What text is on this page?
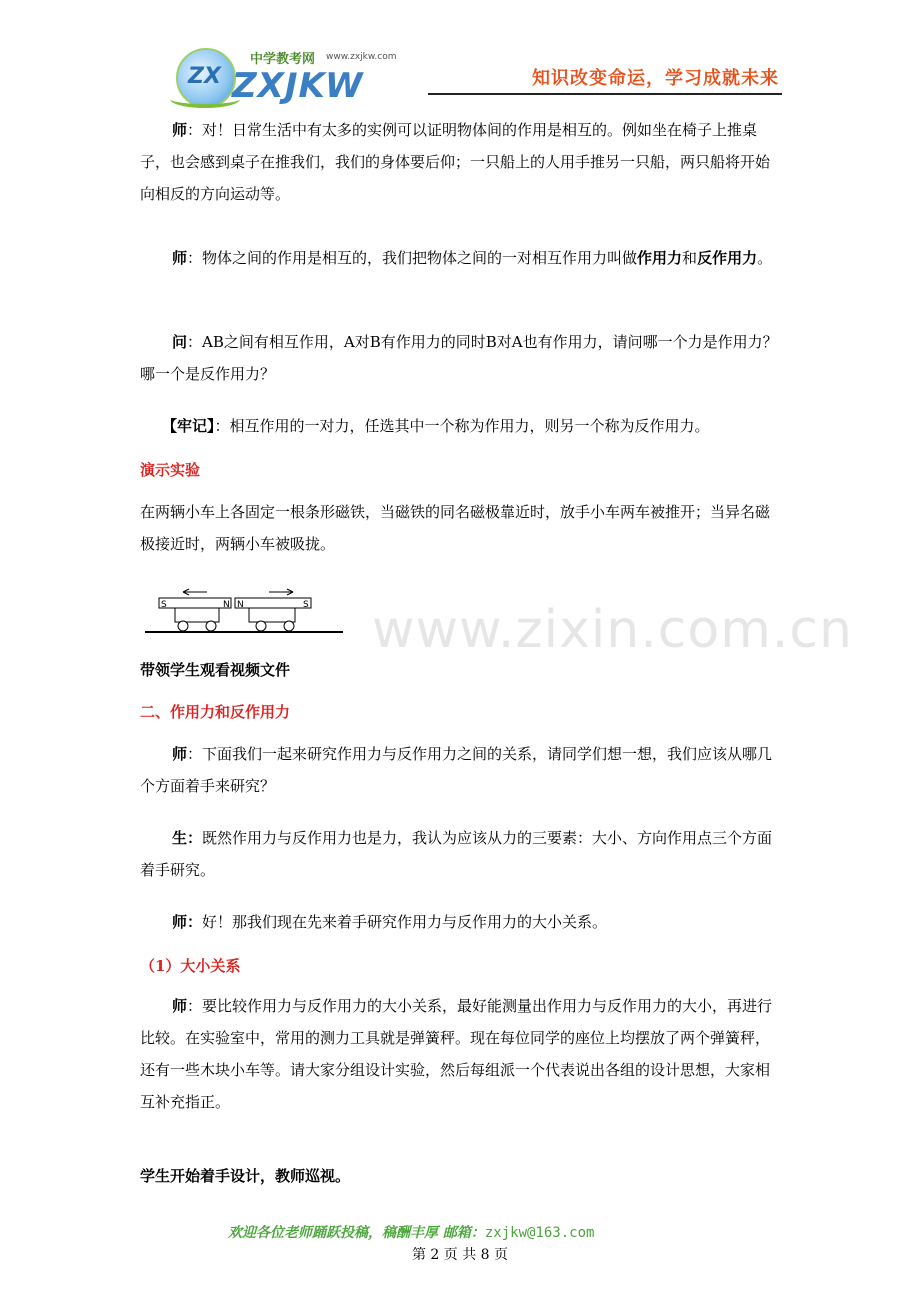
ZX
中学教考网 www.zxjkw.com
ZXJKW	知识改变命运，学习成就未来
师：对！日常生活中有太多的实例可以证明物体间的作用是相互的。例如坐在椅子上推桌子，也会感到桌子在推我们，我们的身体要后仰；一只船上的人用手推另一只船，两只船将开始向相反的方向运动等。
师：物体之间的作用是相互的，我们把物体之间的一对相互作用力叫做作用力和反作用力。
问：AB之间有相互作用，A对B有作用力的同时B对A也有作用力，请问哪一个力是作用力？哪一个是反作用力？
【牢记】：相互作用的一对力，任选其中一个称为作用力，则另一个称为反作用力。
演示实验
在两辆小车上各固定一根条形磁铁，当磁铁的同名磁极靠近时，放手小车两车被推开；当异名磁极接近时，两辆小车被吸拢。
S	N N	S www.zixin.com.cn
带领学生观看视频文件
二、作用力和反作用力
师：下面我们一起来研究作用力与反作用力之间的关系，请同学们想一想，我们应该从哪几个方面着手来研究？
生：既然作用力与反作用力也是力，我认为应该从力的三要素：大小、方向作用点三个方面着手研究。
师：好！那我们现在先来着手研究作用力与反作用力的大小关系。
（1）大小关系
师：要比较作用力与反作用力的大小关系，最好能测量出作用力与反作用力的大小，再进行比较。在实验室中，常用的测力工具就是弹簧秤。现在每位同学的座位上均摆放了两个弹簧秤，还有一些木块小车等。请大家分组设计实验，然后每组派一个代表说出各组的设计思想，大家相互补充指正。
学生开始着手设计，教师巡视。
欢迎各位老师踊跃投稿，稿酬丰厚 邮箱：zxjkw@163.com
第 2 页 共 8 页
